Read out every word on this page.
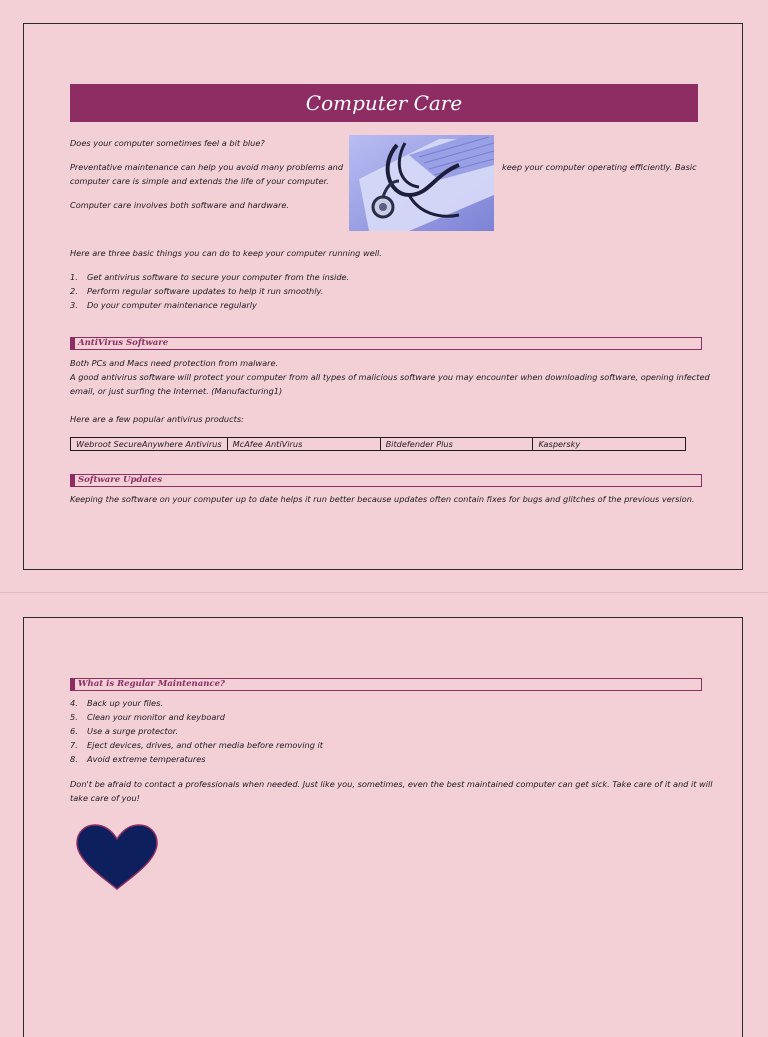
Computer Care

Does your computer sometimes feel a bit blue?

Preventative maintenance can help you avoid many problems and	keep your computer operating efficiently. Basic

computer care is simple and extends the life of your computer.

Computer care involves both software and hardware.

Here are three basic things you can do to keep your computer running well.

1. Get antivirus software to secure your computer from the inside.
2. Perform regular software updates to help it run smoothly.
3. Do your computer maintenance regularly
AntiVirus Software

Both PCs and Macs need protection from malware.

A good antivirus software will protect your computer from all types of malicious software you may encounter when downloading software, opening infected

email, or just surfing the Internet. (Manufacturing1)

Here are a few popular antivirus products:

Webroot SecureAnywhere Antivirus	McAfee AntiVirus	Bitdefender Plus	Kaspersky
Software Updates

Keeping the software on your computer up to date helps it run better because updates often contain fixes for bugs and glitches of the previous version.

What is Regular Maintenance?
4. Back up your files.
5. Clean your monitor and keyboard
6. Use a surge protector.
7. Eject devices, drives, and other media before removing it
8. Avoid extreme temperatures

Don't be afraid to contact a professionals when needed. Just like you, sometimes, even the best maintained computer can get sick. Take care of it and it will

take care of you!
